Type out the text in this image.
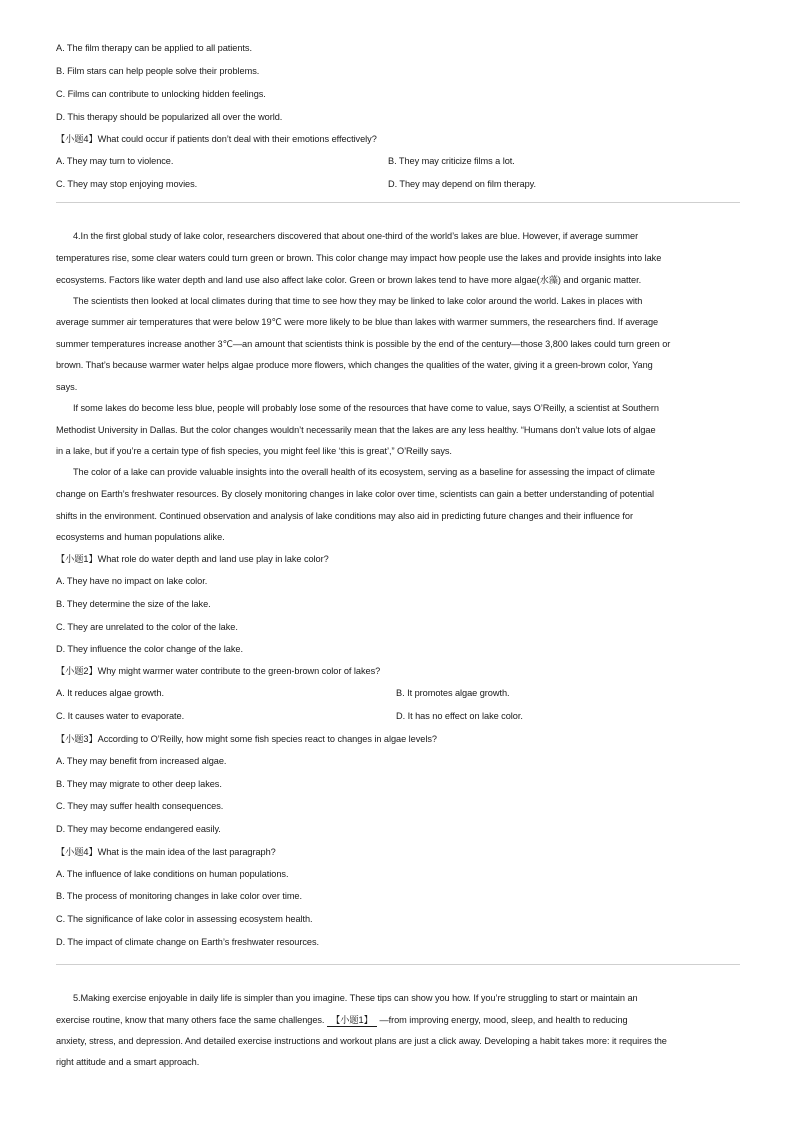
A. The film therapy can be applied to all patients.
B. Film stars can help people solve their problems.
C. Films can contribute to unlocking hidden feelings.
D. This therapy should be popularized all over the world.
【小题4】What could occur if patients don’t deal with their emotions effectively?
A. They may turn to violence.	B. They may criticize films a lot.
C. They may stop enjoying movies.	D. They may depend on film therapy.
4.In the first global study of lake color, researchers discovered that about one-third of the world’s lakes are blue. However, if average summer
temperatures rise, some clear waters could turn green or brown. This color change may impact how people use the lakes and provide insights into lake
ecosystems. Factors like water depth and land use also affect lake color. Green or brown lakes tend to have more algae(水藻) and organic matter.
The scientists then looked at local climates during that time to see how they may be linked to lake color around the world. Lakes in places with
average summer air temperatures that were below 19℃ were more likely to be blue than lakes with warmer summers, the researchers find. If average
summer temperatures increase another 3℃—an amount that scientists think is possible by the end of the century—those 3,800 lakes could turn green or
brown. That’s because warmer water helps algae produce more flowers, which changes the qualities of the water, giving it a green-brown color, Yang
says.
If some lakes do become less blue, people will probably lose some of the resources that have come to value, says O’Reilly, a scientist at Southern
Methodist University in Dallas. But the color changes wouldn’t necessarily mean that the lakes are any less healthy. “Humans don’t value lots of algae
in a lake, but if you’re a certain type of fish species, you might feel like ‘this is great’,” O’Reilly says.
The color of a lake can provide valuable insights into the overall health of its ecosystem, serving as a baseline for assessing the impact of climate
change on Earth’s freshwater resources. By closely monitoring changes in lake color over time, scientists can gain a better understanding of potential
shifts in the environment. Continued observation and analysis of lake conditions may also aid in predicting future changes and their influence for
ecosystems and human populations alike.
【小题1】What role do water depth and land use play in lake color?
A. They have no impact on lake color.
B. They determine the size of the lake.
C. They are unrelated to the color of the lake.
D. They influence the color change of the lake.
【小题2】Why might warmer water contribute to the green-brown color of lakes?
A. It reduces algae growth.	B. It promotes algae growth.
C. It causes water to evaporate.	D. It has no effect on lake color.
【小题3】According to O’Reilly, how might some fish species react to changes in algae levels?
A. They may benefit from increased algae.
B. They may migrate to other deep lakes.
C. They may suffer health consequences.
D. They may become endangered easily.
【小题4】What is the main idea of the last paragraph?
A. The influence of lake conditions on human populations.
B. The process of monitoring changes in lake color over time.
C. The significance of lake color in assessing ecosystem health.
D. The impact of climate change on Earth’s freshwater resources.
5.Making exercise enjoyable in daily life is simpler than you imagine. These tips can show you how. If you’re struggling to start or maintain an
exercise routine, know that many others face the same challenges. 【小题1】 —from improving energy, mood, sleep, and health to reducing
anxiety, stress, and depression. And detailed exercise instructions and workout plans are just a click away. Developing a habit takes more: it requires the
right attitude and a smart approach.
